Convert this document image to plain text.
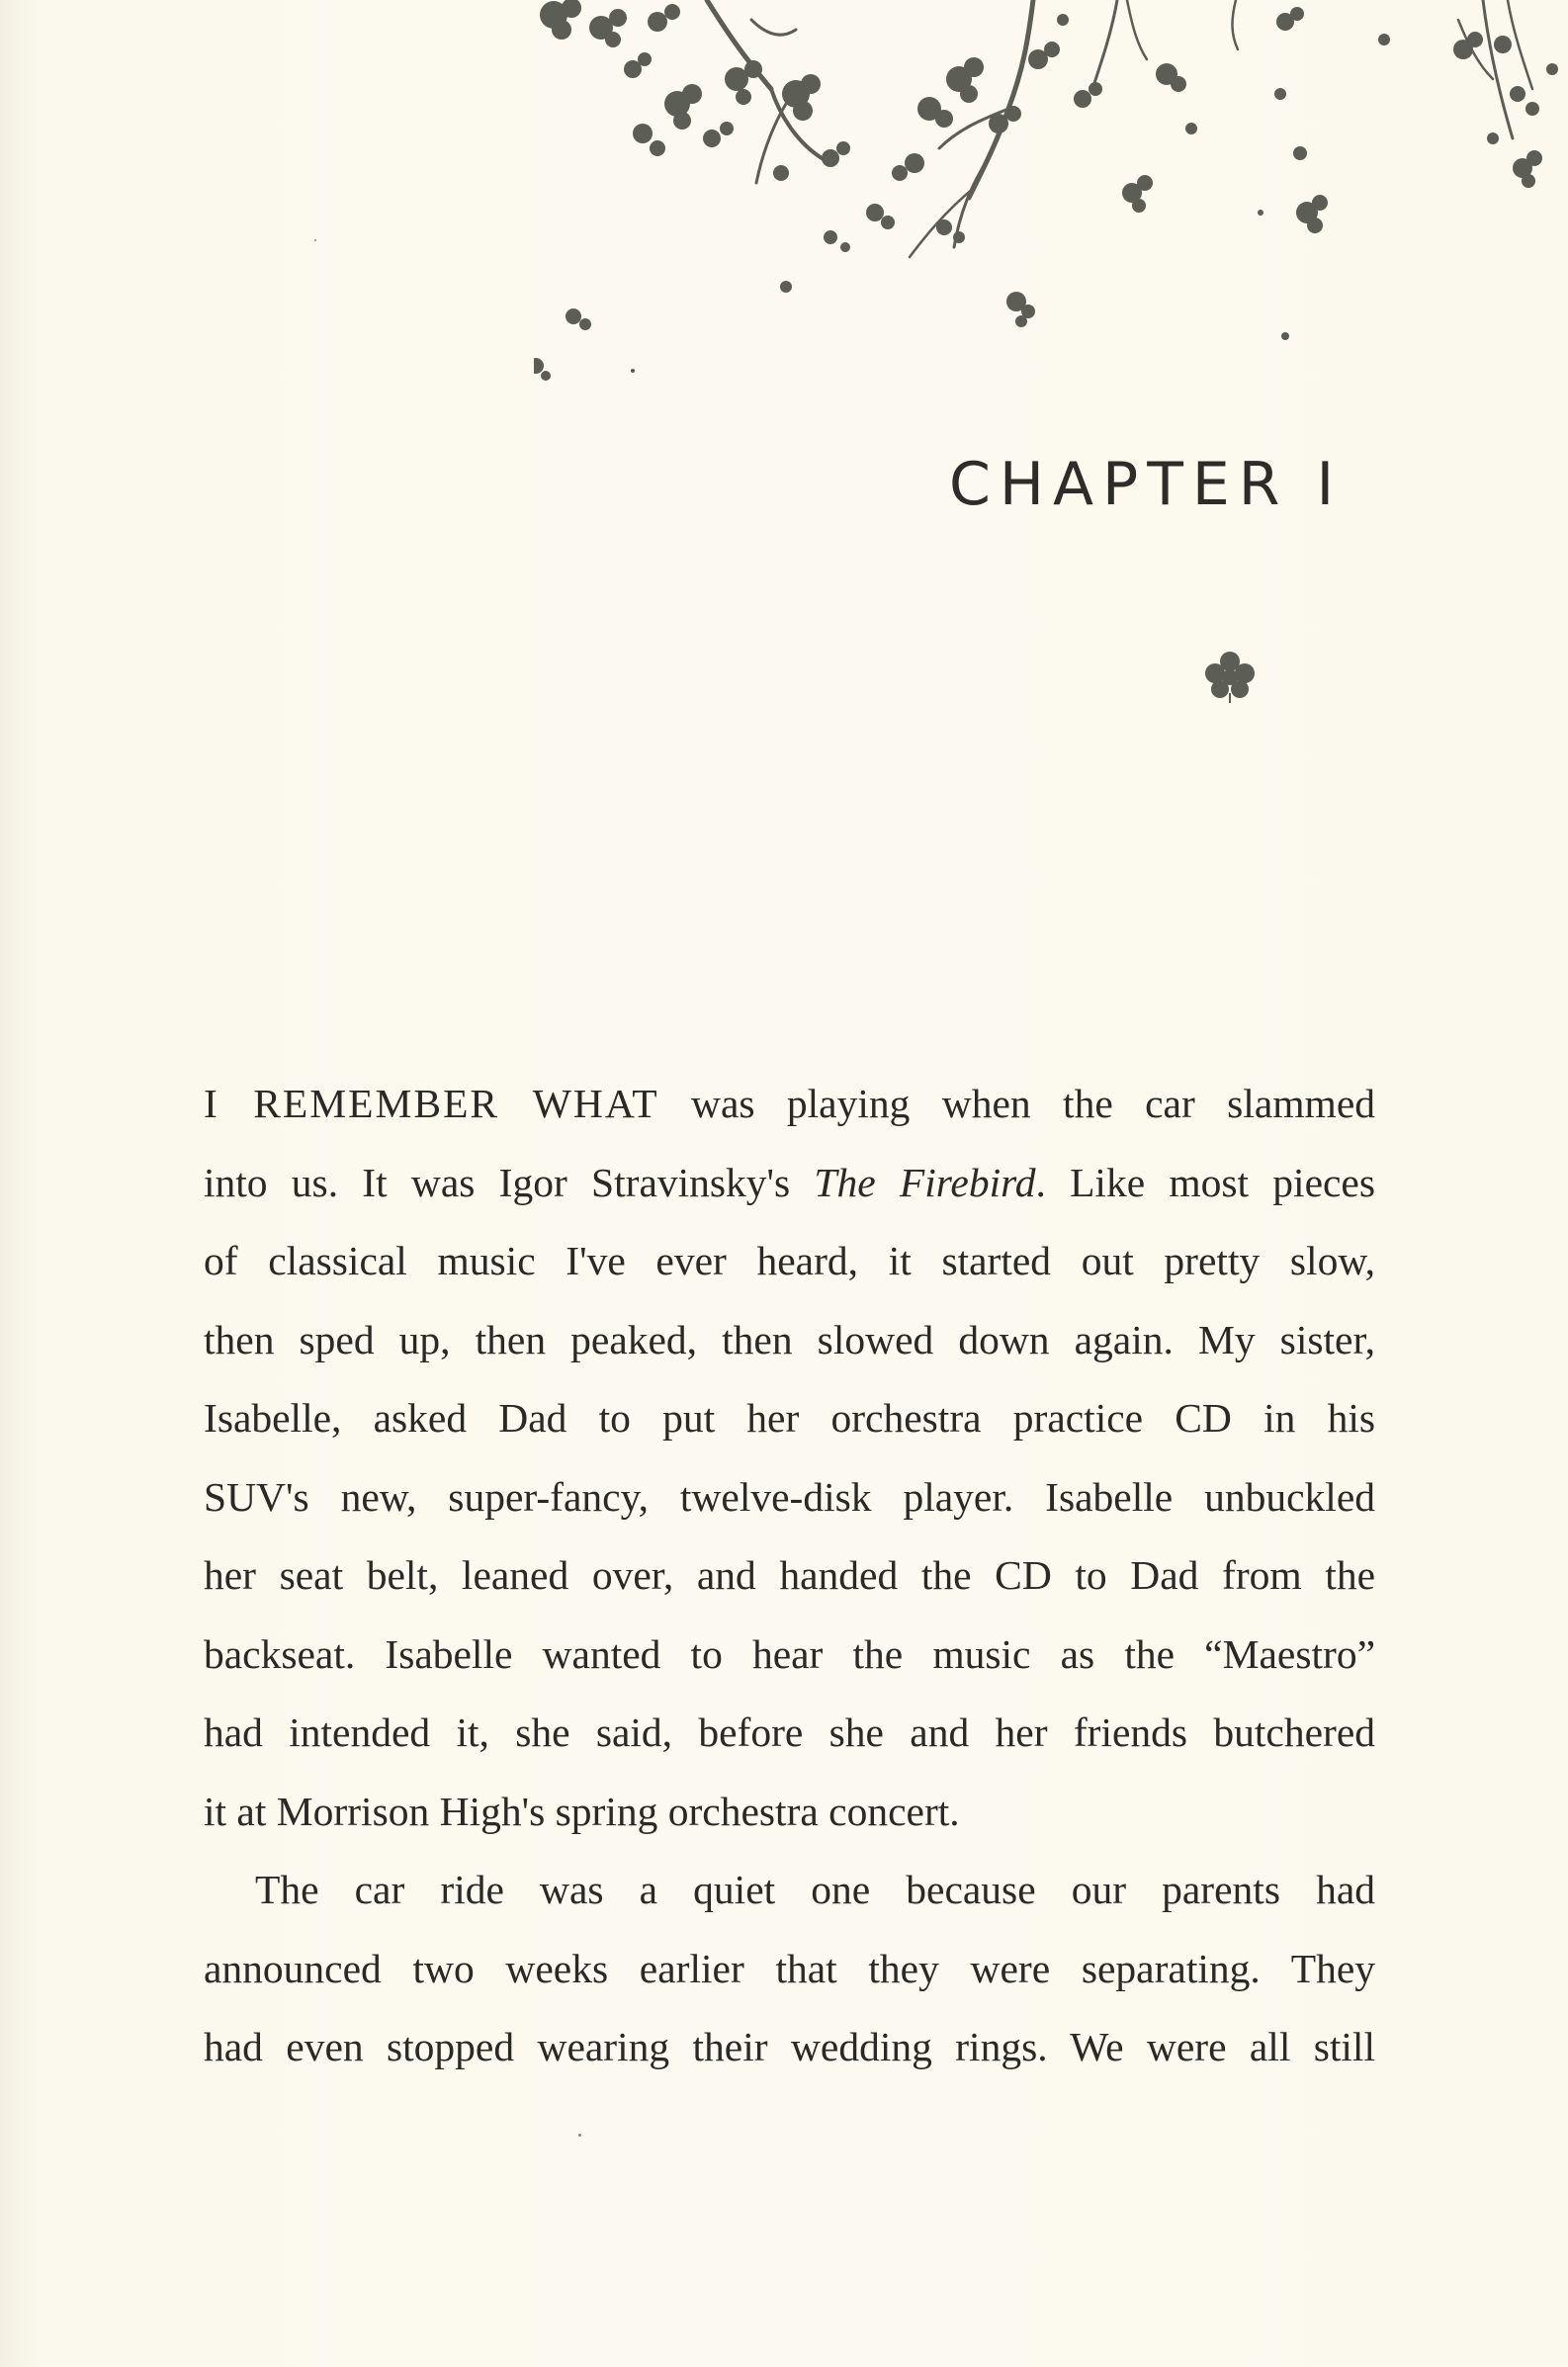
CHAPTER I
I REMEMBER WHAT was playing when the car slammed
into us. It was Igor Stravinsky's The Firebird. Like most pieces
of classical music I've ever heard, it started out pretty slow,
then sped up, then peaked, then slowed down again. My sister,
Isabelle, asked Dad to put her orchestra practice CD in his
SUV's new, super-fancy, twelve-disk player. Isabelle unbuckled
her seat belt, leaned over, and handed the CD to Dad from the
backseat. Isabelle wanted to hear the music as the “Maestro”
had intended it, she said, before she and her friends butchered
it at Morrison High's spring orchestra concert.
The car ride was a quiet one because our parents had
announced two weeks earlier that they were separating. They
had even stopped wearing their wedding rings. We were all still
